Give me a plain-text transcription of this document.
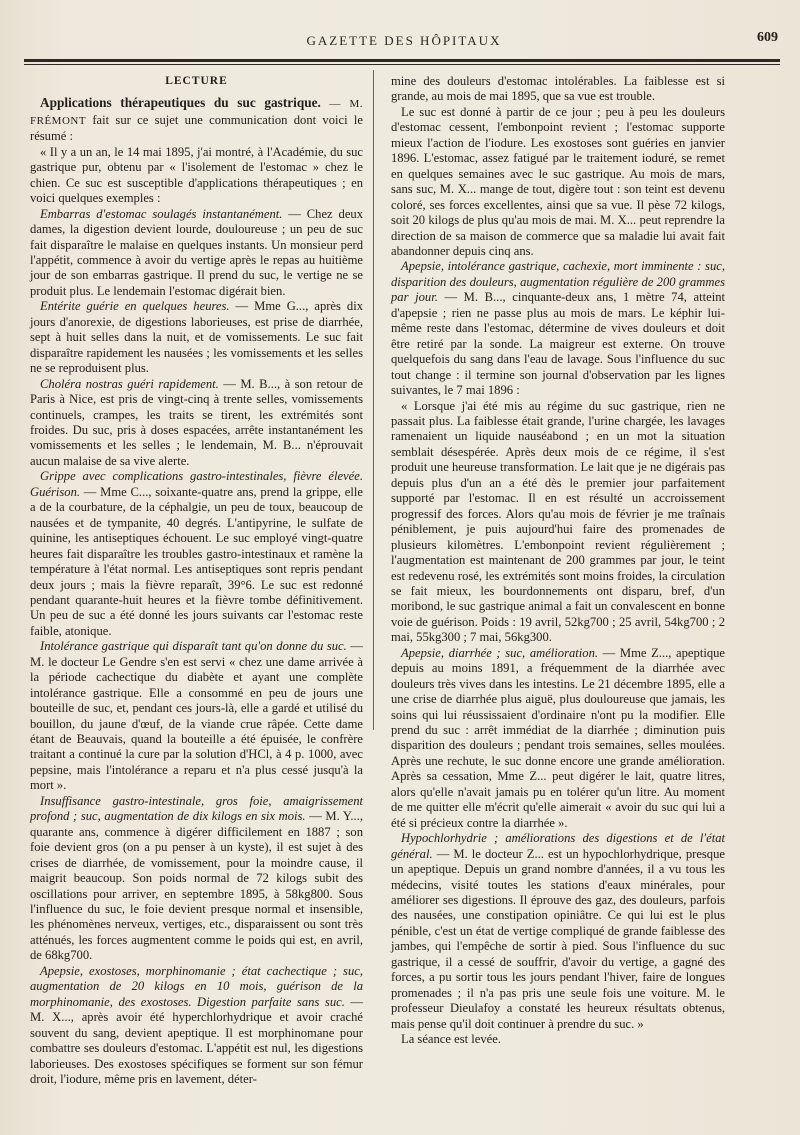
GAZETTE DES HÔPITAUX	609
LECTURE

Applications thérapeutiques du suc gastrique. — M. FRÉMONT fait sur ce sujet une communication dont voici le résumé :

« Il y a un an, le 14 mai 1895, j'ai montré, à l'Académie, du suc gastrique pur, obtenu par « l'isolement de l'estomac » chez le chien. Ce suc est susceptible d'applications thérapeutiques ; en voici quelques exemples :

Embarras d'estomac soulagés instantanément. — Chez deux dames, la digestion devient lourde, douloureuse ; un peu de suc fait disparaître le malaise en quelques instants. Un monsieur perd l'appétit, commence à avoir du vertige après le repas au huitième jour de son embarras gastrique. Il prend du suc, le vertige ne se produit plus. Le lendemain l'estomac digérait bien.

Entérite guérie en quelques heures. — Mme G..., après dix jours d'anorexie, de digestions laborieuses, est prise de diarrhée, sept à huit selles dans la nuit, et de vomissements. Le suc fait disparaître rapidement les nausées ; les vomissements et les selles ne se reproduisent plus.

Choléra nostras guéri rapidement. — M. B..., à son retour de Paris à Nice, est pris de vingt-cinq à trente selles, vomissements continuels, crampes, les traits se tirent, les extrémités sont froides. Du suc, pris à doses espacées, arrête instantanément les vomissements et les selles ; le lendemain, M. B... n'éprouvait aucun malaise de sa vive alerte.

Grippe avec complications gastro-intestinales, fièvre élevée. Guérison. — Mme C..., soixante-quatre ans, prend la grippe, elle a de la courbature, de la céphalgie, un peu de toux, beaucoup de nausées et de tympanite, 40 degrés. L'antipyrine, le sulfate de quinine, les antiseptiques échouent. Le suc employé vingt-quatre heures fait disparaître les troubles gastro-intestinaux et ramène la température à l'état normal. Les antiseptiques sont repris pendant deux jours ; mais la fièvre reparaît, 39°6. Le suc est redonné pendant quarante-huit heures et la fièvre tombe définitivement. Un peu de suc a été donné les jours suivants car l'estomac reste faible, atonique.

Intolérance gastrique qui disparaît tant qu'on donne du suc. — M. le docteur Le Gendre s'en est servi « chez une dame arrivée à la période cachectique du diabète et ayant une complète intolérance gastrique. Elle a consommé en peu de jours une bouteille de suc, et, pendant ces jours-là, elle a gardé et utilisé du bouillon, du jaune d'œuf, de la viande crue râpée. Cette dame étant de Beauvais, quand la bouteille a été épuisée, le confrère traitant a continué la cure par la solution d'HCl, à 4 p. 1000, avec pepsine, mais l'intolérance a reparu et n'a plus cessé jusqu'à la mort ».

Insuffisance gastro-intestinale, gros foie, amaigrissement profond ; suc, augmentation de dix kilogs en six mois. — M. Y..., quarante ans, commence à digérer difficilement en 1887 ; son foie devient gros (on a pu penser à un kyste), il est sujet à des crises de diarrhée, de vomissement, pour la moindre cause, il maigrit beaucoup. Son poids normal de 72 kilogs subit des oscillations pour arriver, en septembre 1895, à 58kg800. Sous l'influence du suc, le foie devient presque normal et insensible, les phénomènes nerveux, vertiges, etc., disparaissent ou sont très atténués, les forces augmentent comme le poids qui est, en avril, de 68kg700.

Apepsie, exostoses, morphinomanie ; état cachectique ; suc, augmentation de 20 kilogs en 10 mois, guérison de la morphinomanie, des exostoses. Digestion parfaite sans suc. — M. X..., après avoir été hyperchlorhydrique et avoir craché souvent du sang, devient apeptique. Il est morphinomane pour combattre ses douleurs d'estomac. L'appétit est nul, les digestions laborieuses. Des exostoses spécifiques se forment sur son fémur droit, l'iodure, même pris en lavement, déter-

mine des douleurs d'estomac intolérables. La faiblesse est si grande, au mois de mai 1895, que sa vue est trouble.

Le suc est donné à partir de ce jour ; peu à peu les douleurs d'estomac cessent, l'embonpoint revient ; l'estomac supporte mieux l'action de l'iodure. Les exostoses sont guéries en janvier 1896. L'estomac, assez fatigué par le traitement ioduré, se remet en quelques semaines avec le suc gastrique. Au mois de mars, sans suc, M. X... mange de tout, digère tout : son teint est devenu coloré, ses forces excellentes, ainsi que sa vue. Il pèse 72 kilogs, soit 20 kilogs de plus qu'au mois de mai. M. X... peut reprendre la direction de sa maison de commerce que sa maladie lui avait fait abandonner depuis cinq ans.

Apepsie, intolérance gastrique, cachexie, mort imminente : suc, disparition des douleurs, augmentation régulière de 200 grammes par jour. — M. B..., cinquante-deux ans, 1 mètre 74, atteint d'apepsie ; rien ne passe plus au mois de mars. Le képhir lui-même reste dans l'estomac, détermine de vives douleurs et doit être retiré par la sonde. La maigreur est externe. On trouve quelquefois du sang dans l'eau de lavage. Sous l'influence du suc tout change : il termine son journal d'observation par les lignes suivantes, le 7 mai 1896 :

« Lorsque j'ai été mis au régime du suc gastrique, rien ne passait plus. La faiblesse était grande, l'urine chargée, les lavages ramenaient un liquide nauséabond ; en un mot la situation semblait désespérée. Après deux mois de ce régime, il s'est produit une heureuse transformation. Le lait que je ne digérais pas depuis plus d'un an a été dès le premier jour parfaitement supporté par l'estomac. Il en est résulté un accroissement progressif des forces. Alors qu'au mois de février je me traînais péniblement, je puis aujourd'hui faire des promenades de plusieurs kilomètres. L'embonpoint revient régulièrement ; l'augmentation est maintenant de 200 grammes par jour, le teint est redevenu rosé, les extrémités sont moins froides, la circulation se fait mieux, les bourdonnements ont disparu, bref, d'un moribond, le suc gastrique animal a fait un convalescent en bonne voie de guérison. Poids : 19 avril, 52kg700 ; 25 avril, 54kg700 ; 2 mai, 55kg300 ; 7 mai, 56kg300.

Apepsie, diarrhée ; suc, amélioration. — Mme Z..., apeptique depuis au moins 1891, a fréquemment de la diarrhée avec douleurs très vives dans les intestins. Le 21 décembre 1895, elle a une crise de diarrhée plus aiguë, plus douloureuse que jamais, les soins qui lui réussissaient d'ordinaire n'ont pu la modifier. Elle prend du suc : arrêt immédiat de la diarrhée ; diminution puis disparition des douleurs ; pendant trois semaines, selles moulées. Après une rechute, le suc donne encore une grande amélioration. Après sa cessation, Mme Z... peut digérer le lait, quatre litres, alors qu'elle n'avait jamais pu en tolérer qu'un litre. Au moment de me quitter elle m'écrit qu'elle aimerait « avoir du suc qui lui a été si précieux contre la diarrhée ».

Hypochlorhydrie ; améliorations des digestions et de l'état général. — M. le docteur Z... est un hypochlorhydrique, presque un apeptique. Depuis un grand nombre d'années, il a vu tous les médecins, visité toutes les stations d'eaux minérales, pour améliorer ses digestions. Il éprouve des gaz, des douleurs, parfois des nausées, une constipation opiniâtre. Ce qui lui est le plus pénible, c'est un état de vertige compliqué de grande faiblesse des jambes, qui l'empêche de sortir à pied. Sous l'influence du suc gastrique, il a cessé de souffrir, d'avoir du vertige, a gagné des forces, a pu sortir tous les jours pendant l'hiver, faire de longues promenades ; il n'a pas pris une seule fois une voiture. M. le professeur Dieulafoy a constaté les heureux résultats obtenus, mais pense qu'il doit continuer à prendre du suc. »

La séance est levée.
